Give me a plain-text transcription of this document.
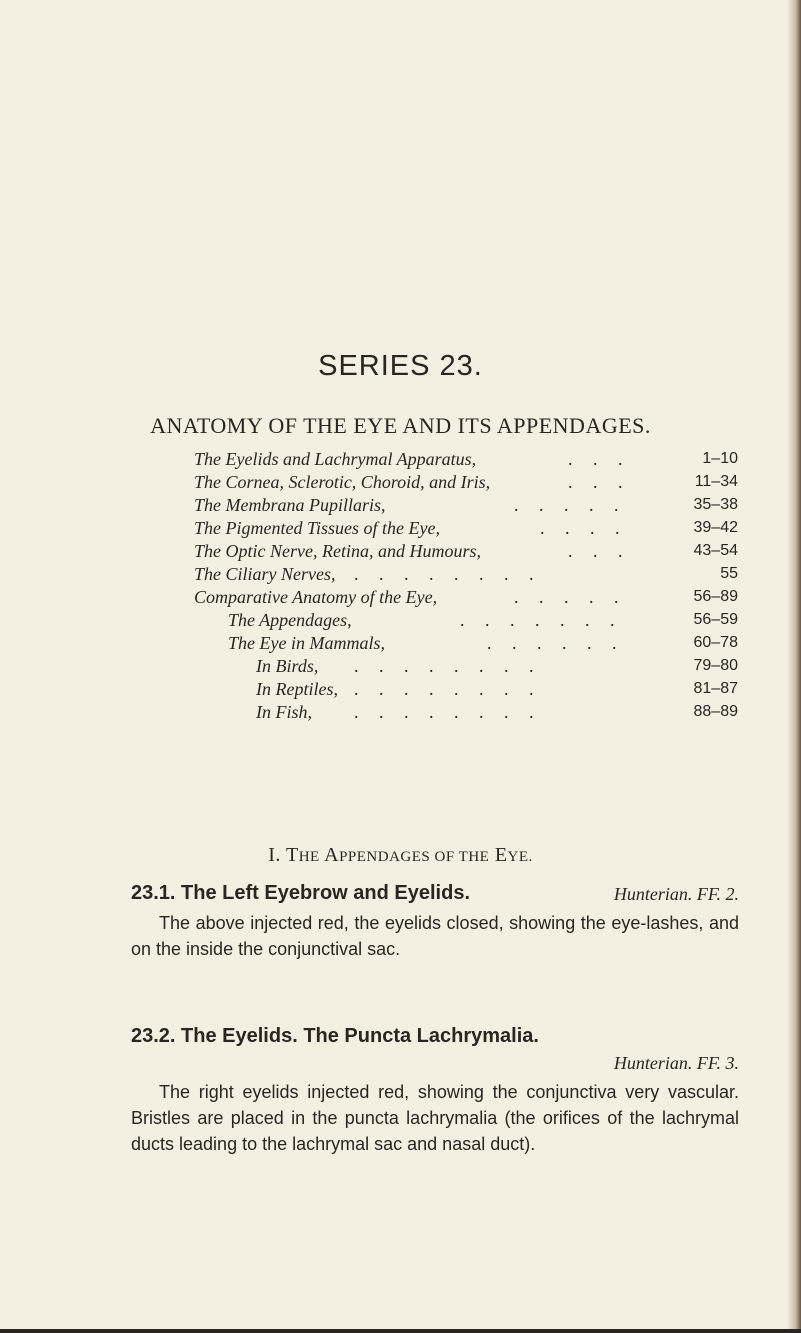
SERIES 23.
ANATOMY OF THE EYE AND ITS APPENDAGES.
The Eyelids and Lachrymal Apparatus,	. . .	1–10
The Cornea, Sclerotic, Choroid, and Iris,	. . .	11–34
The Membrana Pupillaris,	. . . . .	35–38
The Pigmented Tissues of the Eye,	. . . .	39–42
The Optic Nerve, Retina, and Humours,	. . .	43–54
The Ciliary Nerves, . . . . . . . .	55
Comparative Anatomy of the Eye,	. . . . .	56–89
The Appendages,	. . . . . . .	56–59
The Eye in Mammals,	. . . . . .	60–78
In Birds, . . . . . . . .	79–80
In Reptiles, . . . . . . . .	81–87
In Fish, . . . . . . . .	88–89
I. THE APPENDAGES OF THE EYE.
23.1. The Left Eyebrow and Eyelids.	Hunterian. FF. 2.

The above injected red, the eyelids closed, showing the eye-lashes, and on the inside the conjunctival sac.

23.2. The Eyelids. The Puncta Lachrymalia.
Hunterian. FF. 3.

The right eyelids injected red, showing the conjunctiva very vascular. Bristles are placed in the puncta lachrymalia (the orifices of the lachrymal ducts leading to the lachrymal sac and nasal duct).
